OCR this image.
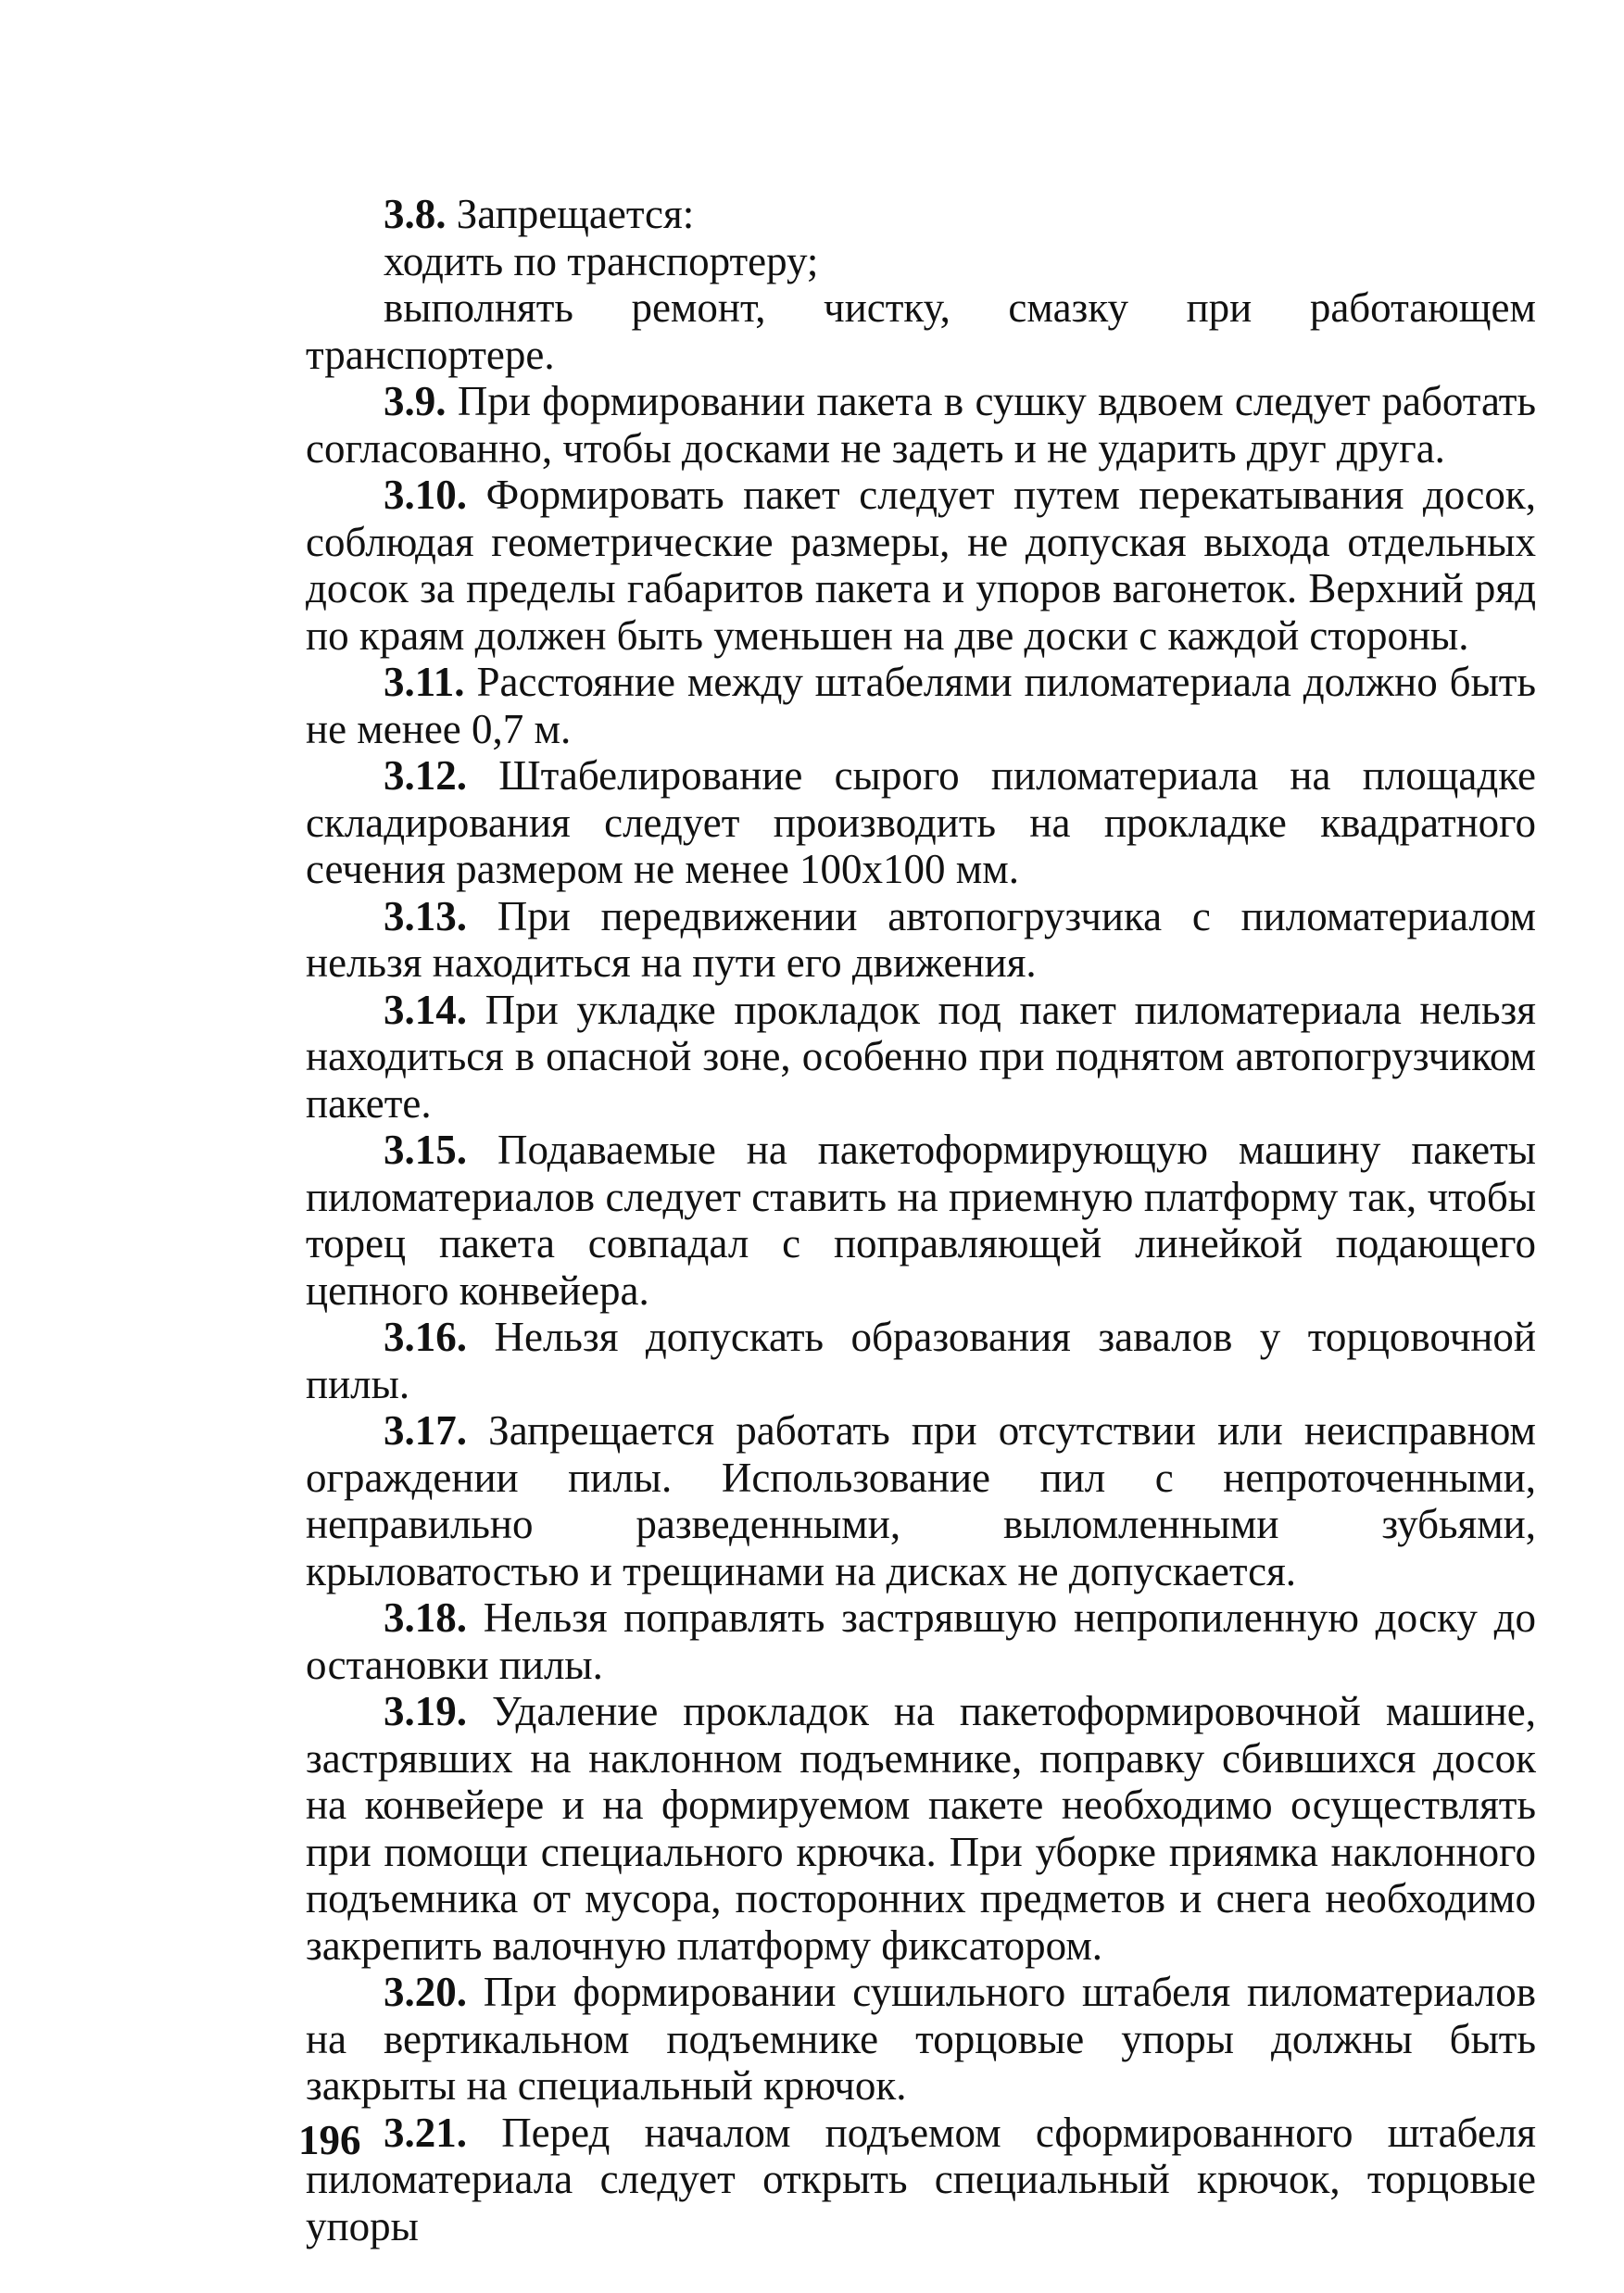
3.8. Запрещается:

ходить по транспортеру;

выполнять ремонт, чистку, смазку при работающем транспортере.

3.9. При формировании пакета в сушку вдвоем следует работать согласованно, чтобы досками не задеть и не ударить друг друга.

3.10. Формировать пакет следует путем перекатывания досок, соблюдая геометрические размеры, не допуская выхода отдельных досок за пределы габаритов пакета и упоров вагонеток. Верхний ряд по краям должен быть уменьшен на две доски с каждой стороны.

3.11. Расстояние между штабелями пиломатериала должно быть не менее 0,7 м.

3.12. Штабелирование сырого пиломатериала на площадке складирования следует производить на прокладке квадратного сечения размером не менее 100х100 мм.

3.13. При передвижении автопогрузчика с пиломатериалом нельзя находиться на пути его движения.

3.14. При укладке прокладок под пакет пиломатериала нельзя находиться в опасной зоне, особенно при поднятом автопогрузчиком пакете.

3.15. Подаваемые на пакетоформирующую машину пакеты пиломатериалов следует ставить на приемную платформу так, чтобы торец пакета совпадал с поправляющей линейкой подающего цепного конвейера.

3.16. Нельзя допускать образования завалов у торцовочной пилы.

3.17. Запрещается работать при отсутствии или неисправном ограждении пилы. Использование пил с непроточенными, неправильно разведенными, выломленными зубьями, крыловатостью и трещинами на дисках не допускается.

3.18. Нельзя поправлять застрявшую непропиленную доску до остановки пилы.

3.19. Удаление прокладок на пакетоформировочной машине, застрявших на наклонном подъемнике, поправку сбившихся досок на конвейере и на формируемом пакете необходимо осуществлять при помощи специального крючка. При уборке приямка наклонного подъемника от мусора, посторонних предметов и снега необходимо закрепить валочную платформу фиксатором.

3.20. При формировании сушильного штабеля пиломатериалов на вертикальном подъемнике торцовые упоры должны быть закрыты на специальный крючок.

3.21. Перед началом подъемом сформированного штабеля пиломатериала следует открыть специальный крючок, торцовые упоры

196
